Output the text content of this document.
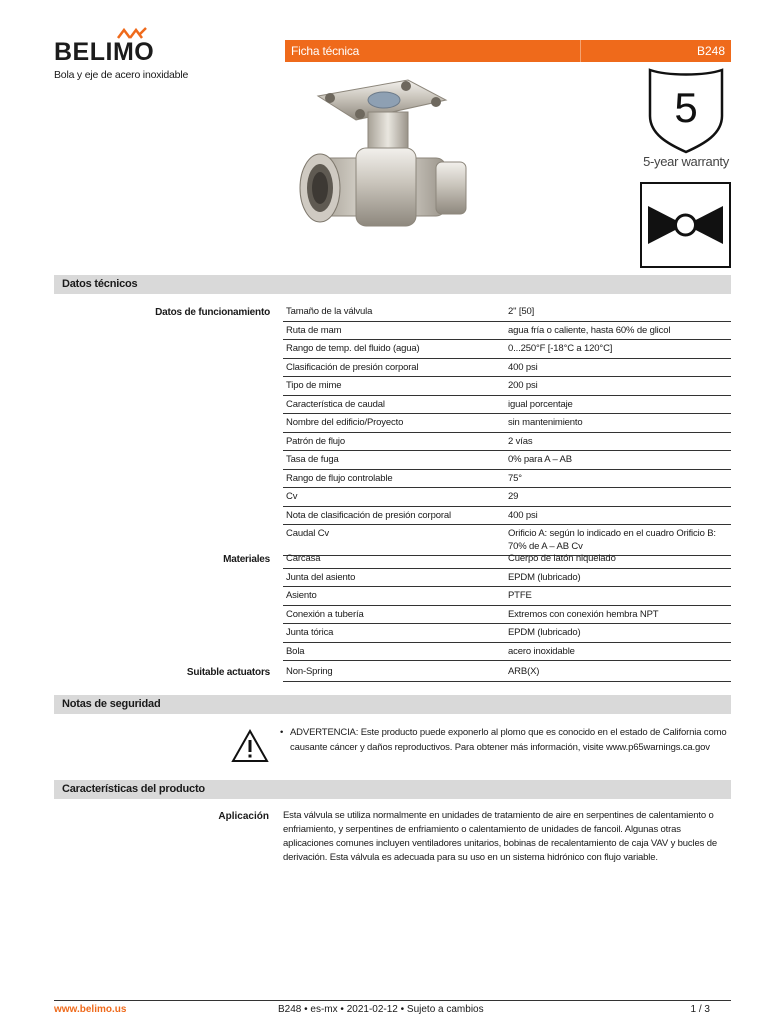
BELIMO
Bola y eje de acero inoxidable
Ficha técnica	B248
5
5-year warranty
Datos técnicos
Datos de funcionamiento Tamaño de la válvula	2" [50]
Ruta de mam	agua fría o caliente, hasta 60% de glicol
Rango de temp. del fluido (agua)	0...250°F [-18°C a 120°C]
Clasificación de presión corporal	400 psi
Tipo de mime	200 psi
Característica de caudal	igual porcentaje
Nombre del edificio/Proyecto	sin mantenimiento
Patrón de flujo	2 vías
Tasa de fuga	0% para A – AB
Rango de flujo controlable	75°
Cv	29
Nota de clasificación de presión corporal	400 psi
Caudal Cv	Orificio A: según lo indicado en el cuadro Orificio B: 70% de A – AB Cv
Materiales Carcasa	Cuerpo de latón niquelado
Junta del asiento	EPDM (lubricado)
Asiento	PTFE
Conexión a tubería	Extremos con conexión hembra NPT
Junta tórica	EPDM (lubricado)
Bola	acero inoxidable
Suitable actuators Non-Spring	ARB(X)
Notas de seguridad
• ADVERTENCIA: Este producto puede exponerlo al plomo que es conocido en el estado de California como causante cáncer y daños reproductivos. Para obtener más información, visite www.p65warnings.ca.gov
Características del producto
Aplicación Esta válvula se utiliza normalmente en unidades de tratamiento de aire en serpentines de calentamiento o enfriamiento, y serpentines de enfriamiento o calentamiento de unidades de fancoil. Algunas otras aplicaciones comunes incluyen ventiladores unitarios, bobinas de recalentamiento de caja VAV y bucles de derivación. Esta válvula es adecuada para su uso en un sistema hidrónico con flujo variable.
www.belimo.us	B248 • es-mx • 2021-02-12 • Sujeto a cambios	1 / 3
